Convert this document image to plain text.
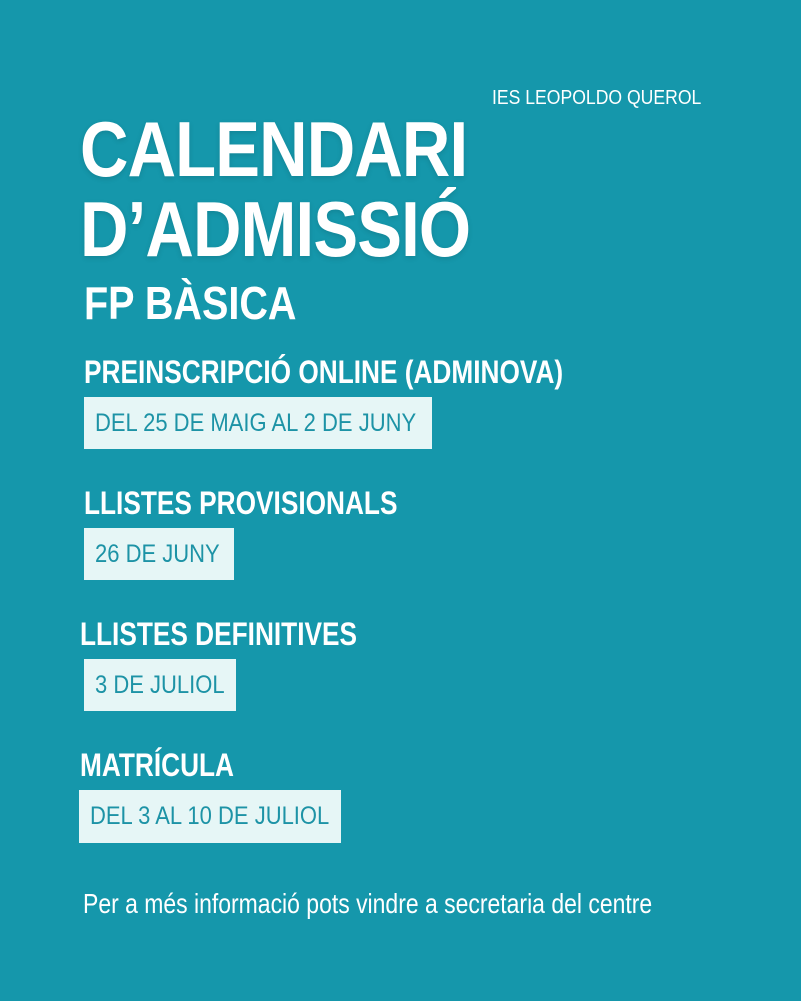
IES LEOPOLDO QUEROL
CALENDARI
D’ADMISSIÓ
FP BÀSICA
PREINSCRIPCIÓ ONLINE (ADMINOVA)
DEL 25 DE MAIG AL 2 DE JUNY
LLISTES PROVISIONALS
26 DE JUNY
LLISTES DEFINITIVES
3 DE JULIOL
MATRÍCULA
DEL 3 AL 10 DE JULIOL
Per a més informació pots vindre a secretaria del centre
